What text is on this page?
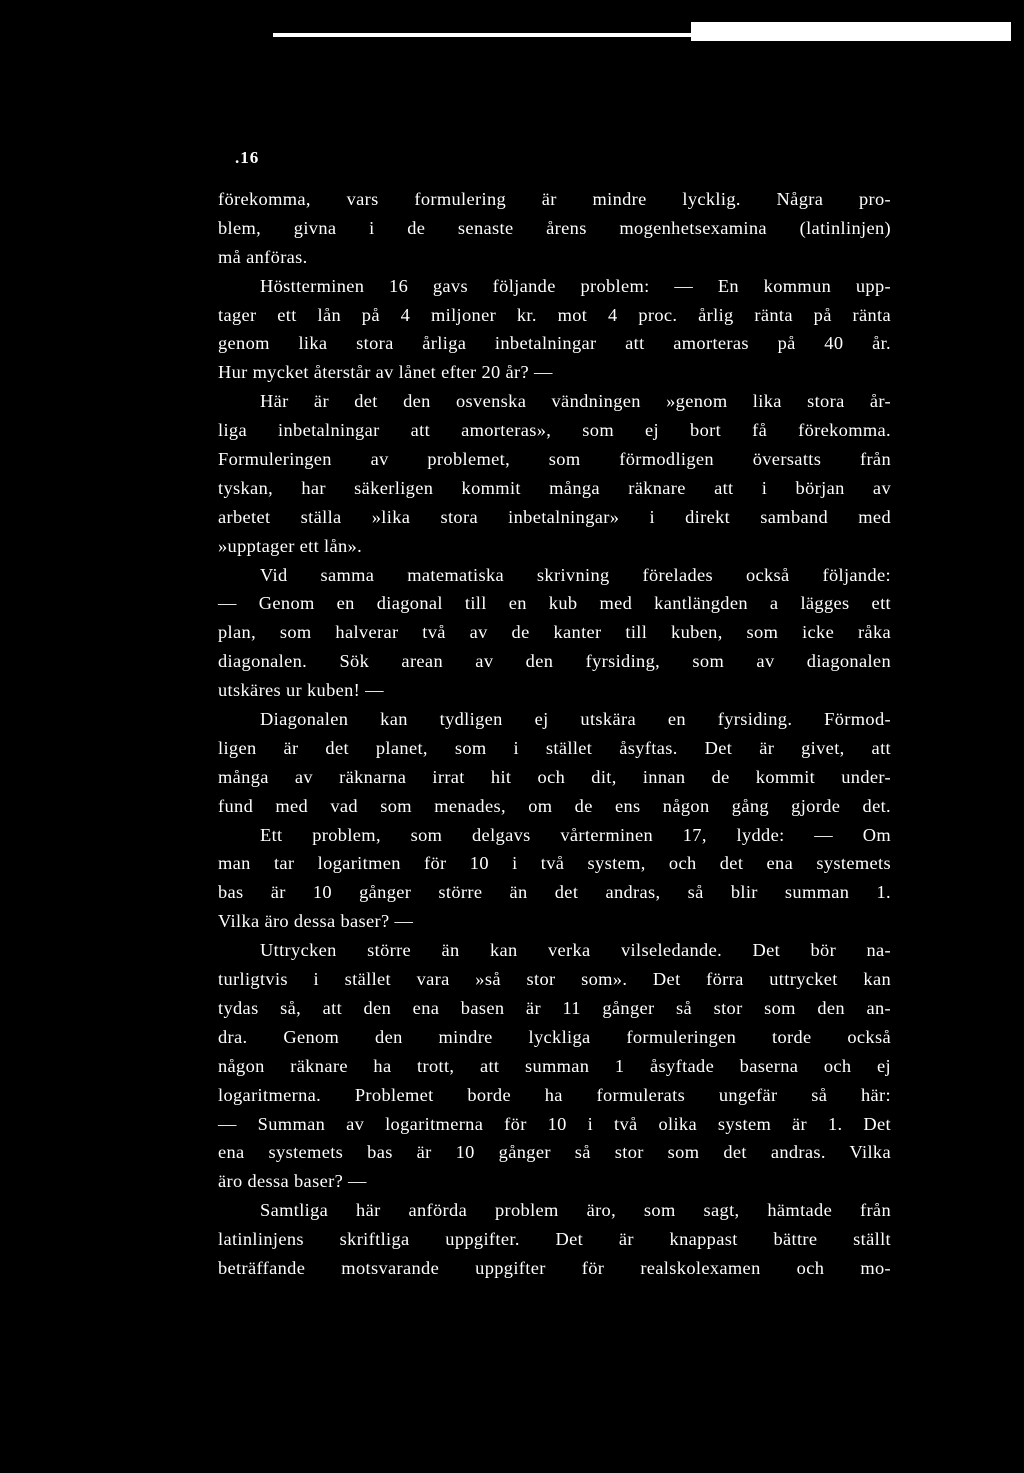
.16
förekomma, vars formulering är mindre lycklig. Några pro-
blem, givna i de senaste årens mogenhetsexamina (latinlinjen)
må anföras.
Höstterminen 16 gavs följande problem: — En kommun upp-
tager ett lån på 4 miljoner kr. mot 4 proc. årlig ränta på ränta
genom lika stora årliga inbetalningar att amorteras på 40 år.
Hur mycket återstår av lånet efter 20 år? —
Här är det den osvenska vändningen »genom lika stora år-
liga inbetalningar att amorteras», som ej bort få förekomma.
Formuleringen av problemet, som förmodligen översatts från
tyskan, har säkerligen kommit många räknare att i början av
arbetet ställa »lika stora inbetalningar» i direkt samband med
»upptager ett lån».
Vid samma matematiska skrivning förelades också följande:
— Genom en diagonal till en kub med kantlängden a lägges ett
plan, som halverar två av de kanter till kuben, som icke råka
diagonalen. Sök arean av den fyrsiding, som av diagonalen
utskäres ur kuben! —
Diagonalen kan tydligen ej utskära en fyrsiding. Förmod-
ligen är det planet, som i stället åsyftas. Det är givet, att
många av räknarna irrat hit och dit, innan de kommit under-
fund med vad som menades, om de ens någon gång gjorde det.
Ett problem, som delgavs vårterminen 17, lydde: — Om
man tar logaritmen för 10 i två system, och det ena systemets
bas är 10 gånger större än det andras, så blir summan 1.
Vilka äro dessa baser? —
Uttrycken större än kan verka vilseledande. Det bör na-
turligtvis i stället vara »så stor som». Det förra uttrycket kan
tydas så, att den ena basen är 11 gånger så stor som den an-
dra. Genom den mindre lyckliga formuleringen torde också
någon räknare ha trott, att summan 1 åsyftade baserna och ej
logaritmerna. Problemet borde ha formulerats ungefär så här:
— Summan av logaritmerna för 10 i två olika system är 1. Det
ena systemets bas är 10 gånger så stor som det andras. Vilka
äro dessa baser? —
Samtliga här anförda problem äro, som sagt, hämtade från
latinlinjens skriftliga uppgifter. Det är knappast bättre ställt
beträffande motsvarande uppgifter för realskolexamen och mo-
